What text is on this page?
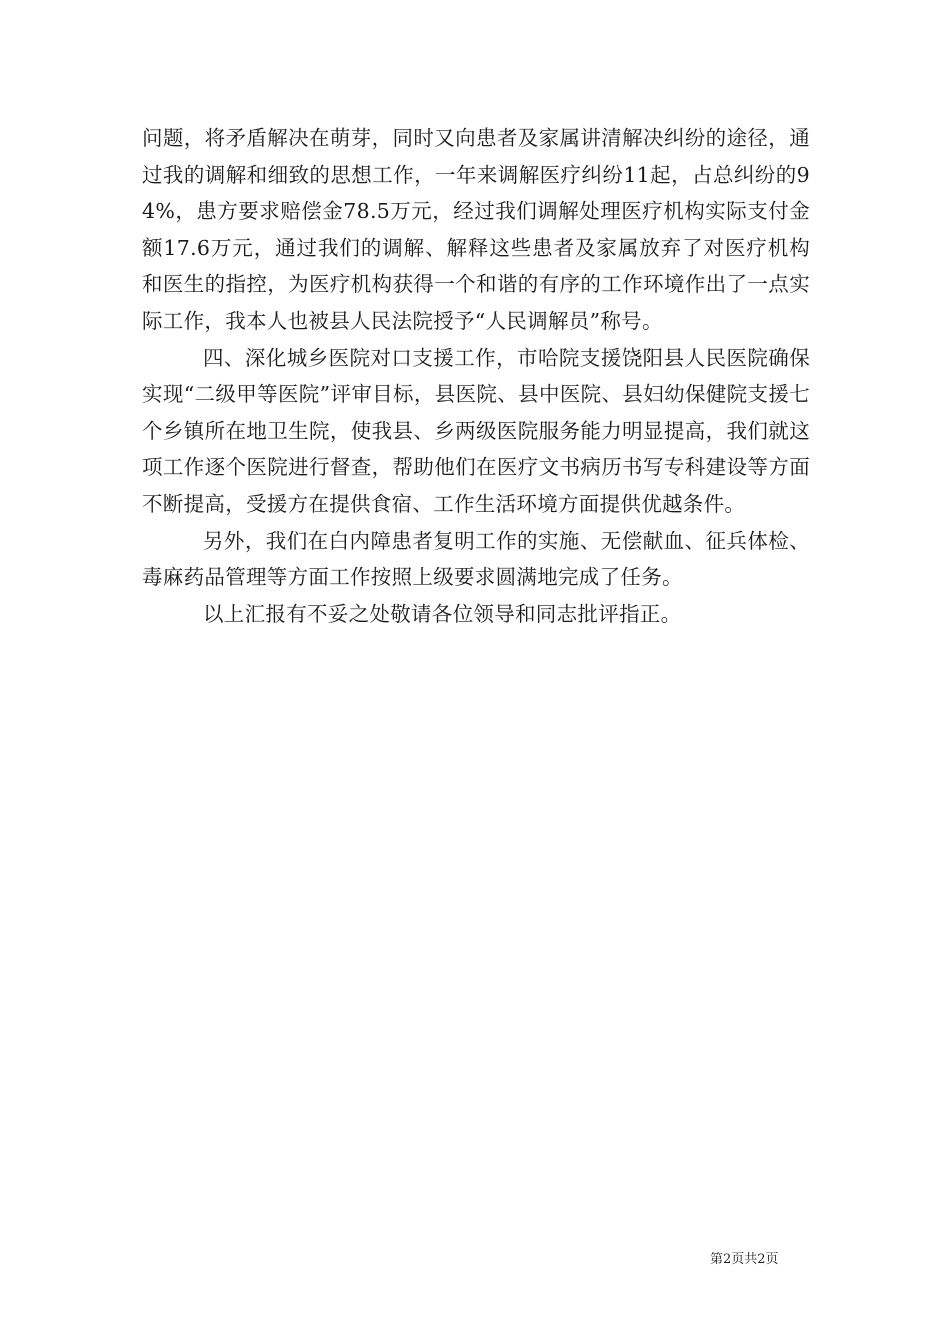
问题，将矛盾解决在萌芽，同时又向患者及家属讲清解决纠纷的途径，通过我的调解和细致的思想工作，一年来调解医疗纠纷11起，占总纠纷的94%，患方要求赔偿金78.5万元，经过我们调解处理医疗机构实际支付金额17.6万元，通过我们的调解、解释这些患者及家属放弃了对医疗机构和医生的指控，为医疗机构获得一个和谐的有序的工作环境作出了一点实际工作，我本人也被县人民法院授予“人民调解员”称号。

四、深化城乡医院对口支援工作，市哈院支援饶阳县人民医院确保实现“二级甲等医院”评审目标，县医院、县中医院、县妇幼保健院支援七个乡镇所在地卫生院，使我县、乡两级医院服务能力明显提高，我们就这项工作逐个医院进行督查，帮助他们在医疗文书病历书写专科建设等方面不断提高，受援方在提供食宿、工作生活环境方面提供优越条件。

另外，我们在白内障患者复明工作的实施、无偿献血、征兵体检、毒麻药品管理等方面工作按照上级要求圆满地完成了任务。

以上汇报有不妥之处敬请各位领导和同志批评指正。

第2页共2页
